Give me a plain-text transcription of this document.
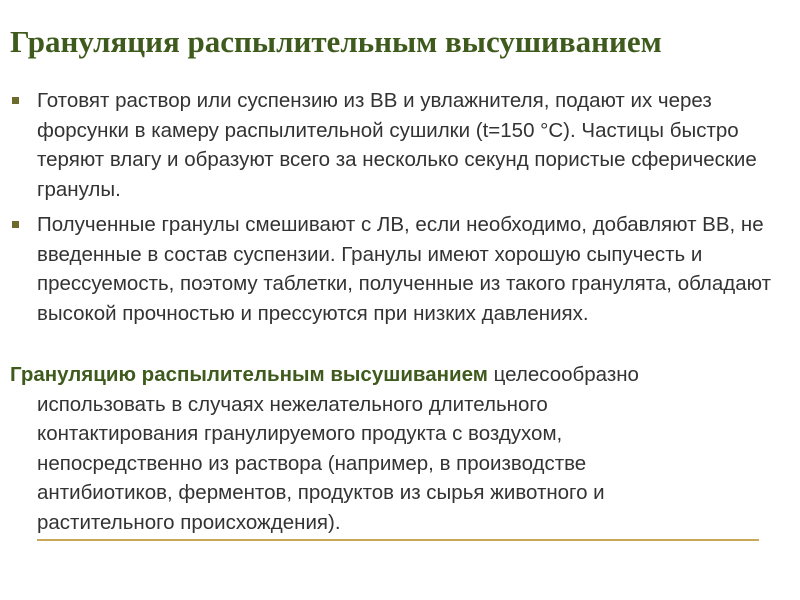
Грануляция распылительным высушиванием
Готовят раствор или суспензию из ВВ и увлажнителя, подают их через форсунки в камеру распылительной сушилки (t=150 °С). Частицы быстро теряют влагу и образуют всего за несколько секунд пористые сферические гранулы.
Полученные гранулы смешивают с ЛВ, если необходимо, добавляют ВВ, не введенные в состав суспензии. Гранулы имеют хорошую сыпучесть и прессуемость, поэтому таблетки, полученные из такого гранулята, обладают высокой прочностью и прессуются при низких давлениях.

Грануляцию распылительным высушиванием целесообразно
использовать в случаях нежелательного длительного
контактирования гранулируемого продукта с воздухом,
непосредственно из раствора (например, в производстве
антибиотиков, ферментов, продуктов из сырья животного и
растительного происхождения).
